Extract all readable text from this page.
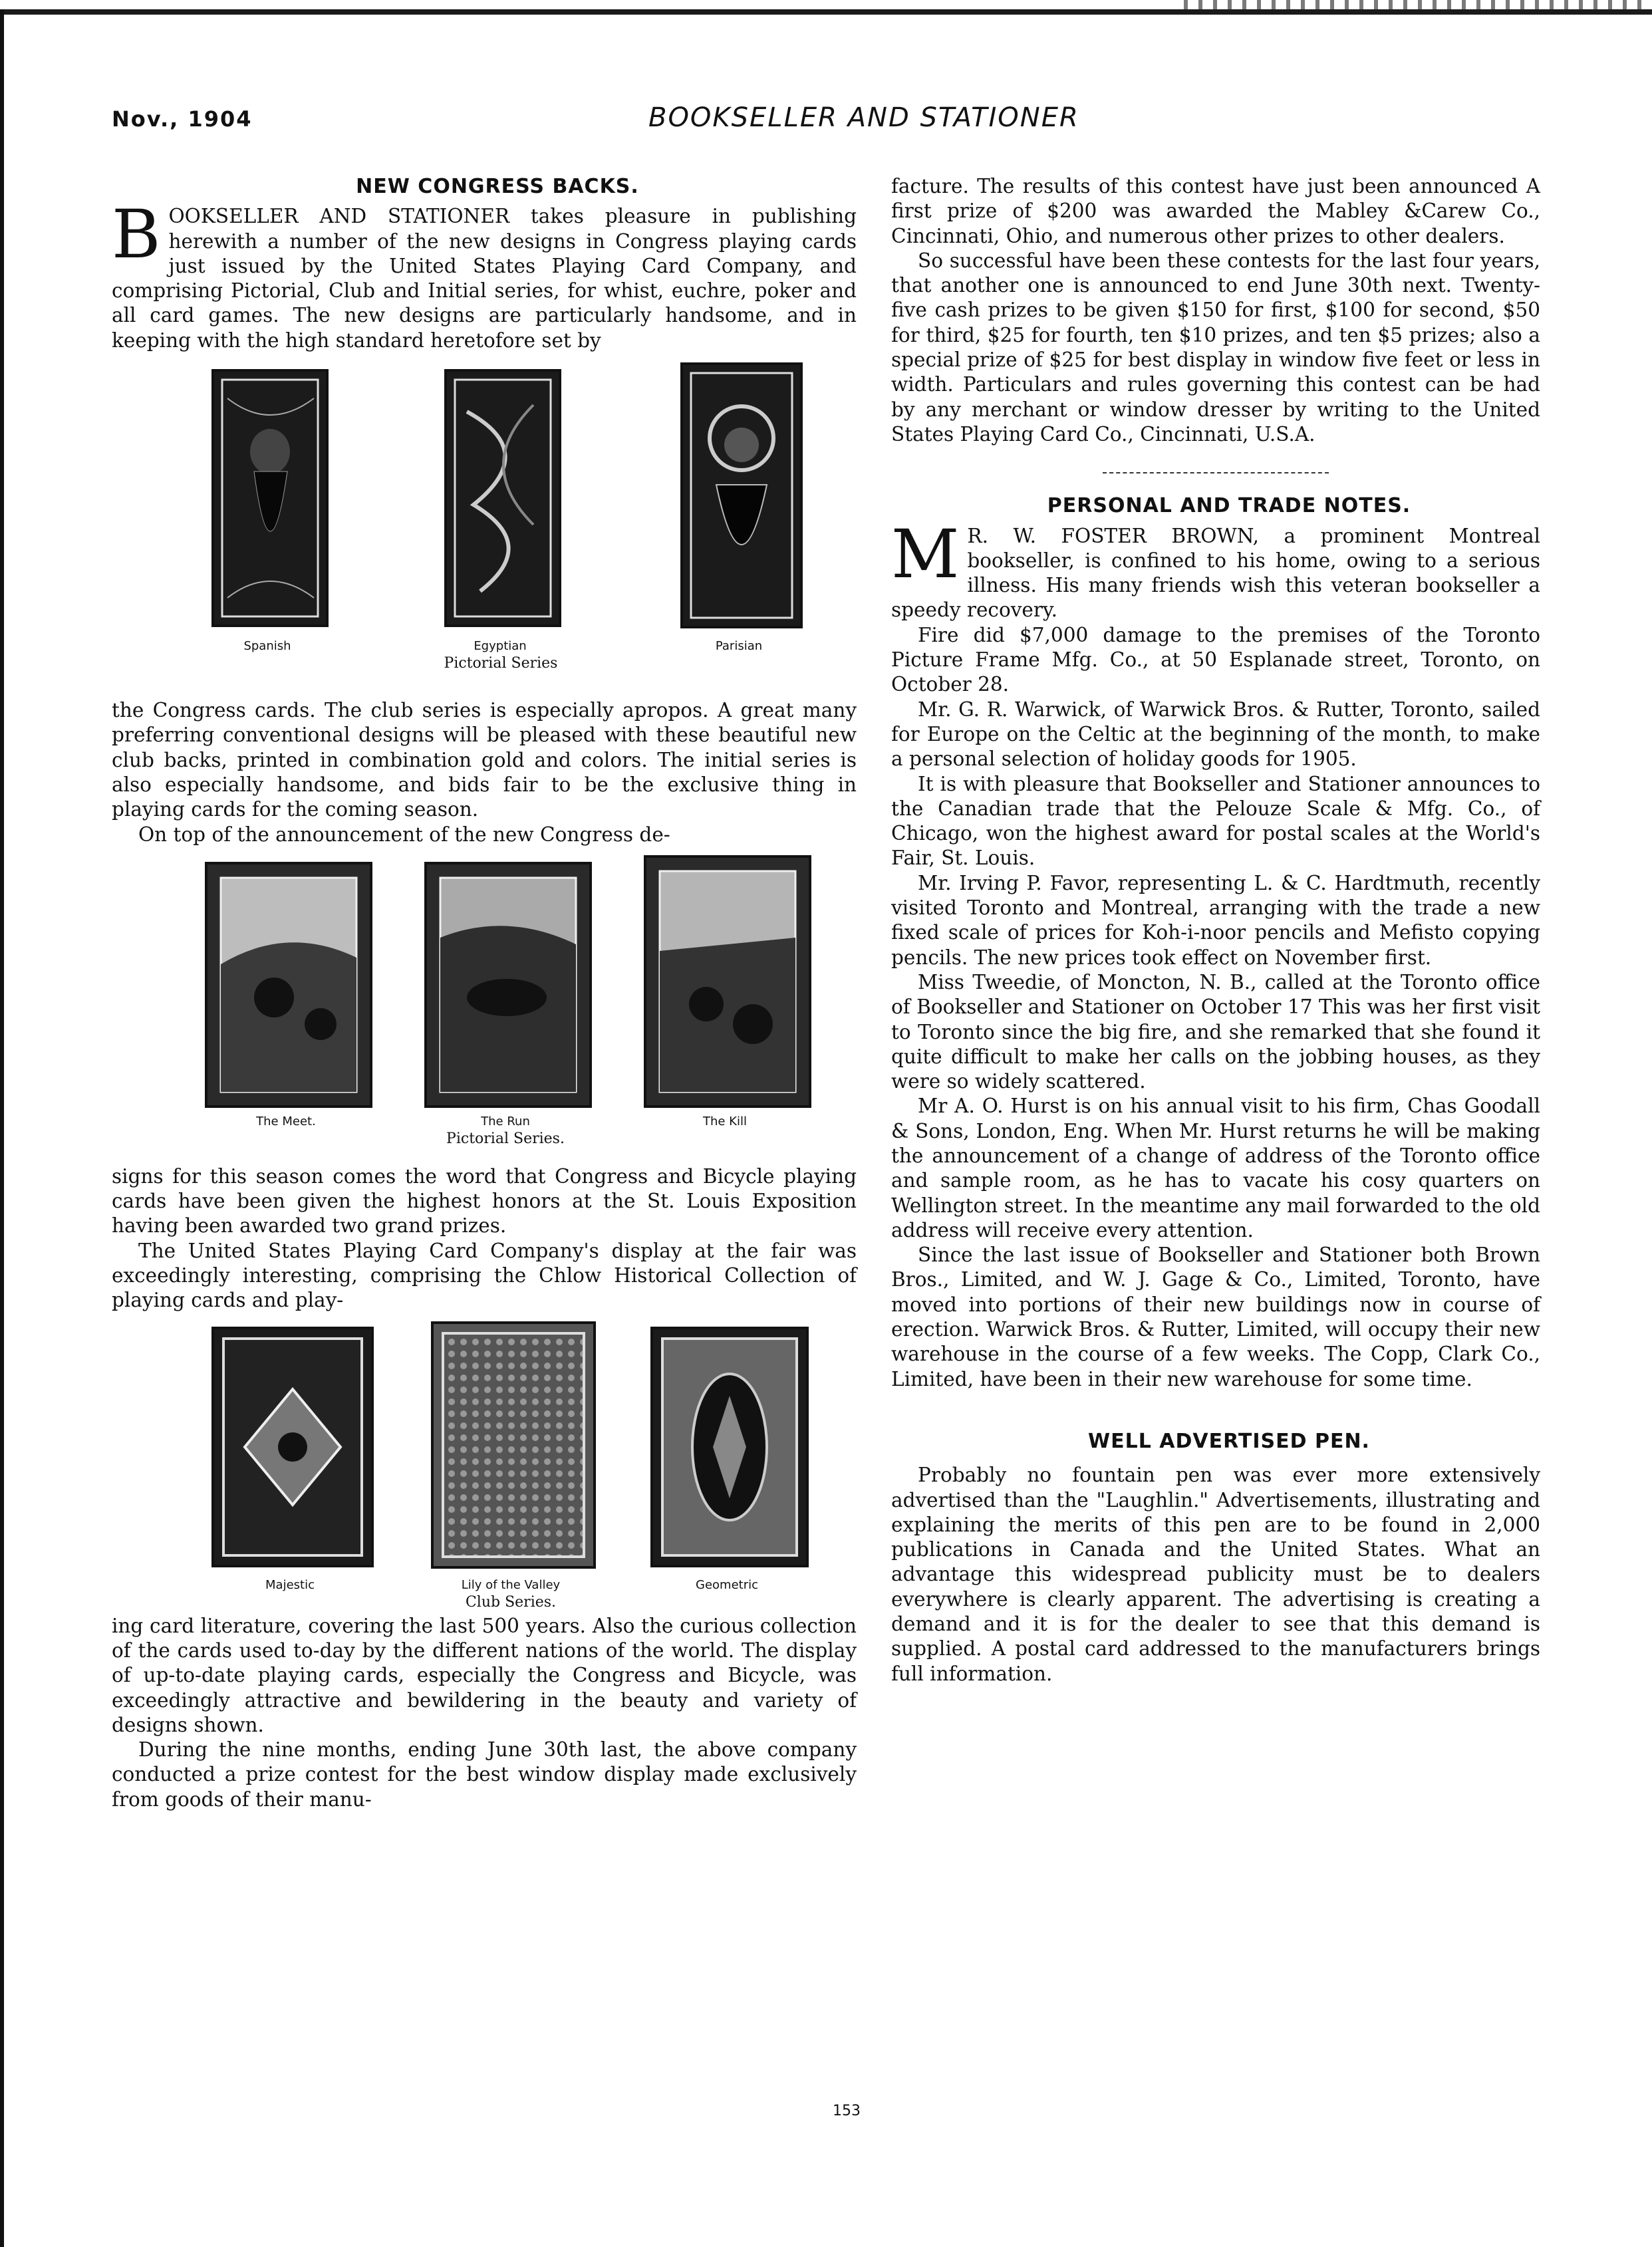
Nov., 1904	BOOKSELLER AND STATIONER

NEW CONGRESS BACKS.

BOOKSELLER AND STATIONER takes pleasure in publishing herewith a number of the new designs in Congress playing cards just issued by the United States Playing Card Company, and comprising Pictorial, Club and Initial series, for whist, euchre, poker and all card games. The new designs are particularly handsome, and in keeping with the high standard heretofore set by

Spanish	Egyptian	Parisian
Pictorial Series

the Congress cards. The club series is especially apropos. A great many preferring conventional designs will be pleased with these beautiful new club backs, printed in combination gold and colors. The initial series is also especially handsome, and bids fair to be the exclusive thing in playing cards for the coming season.

On top of the announcement of the new Congress de-

The Meet.	The Run	The Kill
Pictorial Series.

signs for this season comes the word that Congress and Bicycle playing cards have been given the highest honors at the St. Louis Exposition having been awarded two grand prizes.

The United States Playing Card Company's display at the fair was exceedingly interesting, comprising the Chlow Historical Collection of playing cards and play-

Majestic	Lily of the Valley	Geometric
Club Series.

ing card literature, covering the last 500 years. Also the curious collection of the cards used to-day by the different nations of the world. The display of up-to-date playing cards, especially the Congress and Bicycle, was exceedingly attractive and bewildering in the beauty and variety of designs shown.

During the nine months, ending June 30th last, the above company conducted a prize contest for the best window display made exclusively from goods of their manu-

facture. The results of this contest have just been announced A first prize of $200 was awarded the Mabley &Carew Co., Cincinnati, Ohio, and numerous other prizes to other dealers.

So successful have been these contests for the last four years, that another one is announced to end June 30th next. Twenty-five cash prizes to be given $150 for first, $100 for second, $50 for third, $25 for fourth, ten $10 prizes, and ten $5 prizes; also a special prize of $25 for best display in window five feet or less in width. Particulars and rules governing this contest can be had by any merchant or window dresser by writing to the United States Playing Card Co., Cincinnati, U.S.A.

PERSONAL AND TRADE NOTES.

M R. W. FOSTER BROWN, a prominent Montreal bookseller, is confined to his home, owing to a serious illness. His many friends wish this veteran bookseller a speedy recovery.

Fire did $7,000 damage to the premises of the Toronto Picture Frame Mfg. Co., at 50 Esplanade street, Toronto, on October 28.

Mr. G. R. Warwick, of Warwick Bros. & Rutter, Toronto, sailed for Europe on the Celtic at the beginning of the month, to make a personal selection of holiday goods for 1905.

It is with pleasure that Bookseller and Stationer announces to the Canadian trade that the Pelouze Scale & Mfg. Co., of Chicago, won the highest award for postal scales at the World's Fair, St. Louis.

Mr. Irving P. Favor, representing L. & C. Hardtmuth, recently visited Toronto and Montreal, arranging with the trade a new fixed scale of prices for Koh-i-noor pencils and Mefisto copying pencils. The new prices took effect on November first.

Miss Tweedie, of Moncton, N. B., called at the Toronto office of Bookseller and Stationer on October 17 This was her first visit to Toronto since the big fire, and she remarked that she found it quite difficult to make her calls on the jobbing houses, as they were so widely scattered.

Mr A. O. Hurst is on his annual visit to his firm, Chas Goodall & Sons, London, Eng. When Mr. Hurst returns he will be making the announcement of a change of address of the Toronto office and sample room, as he has to vacate his cosy quarters on Wellington street. In the meantime any mail forwarded to the old address will receive every attention.

Since the last issue of Bookseller and Stationer both Brown Bros., Limited, and W. J. Gage & Co., Limited, Toronto, have moved into portions of their new buildings now in course of erection. Warwick Bros. & Rutter, Limited, will occupy their new warehouse in the course of a few weeks. The Copp, Clark Co., Limited, have been in their new warehouse for some time.

WELL ADVERTISED PEN.

Probably no fountain pen was ever more extensively advertised than the "Laughlin." Advertisements, illustrating and explaining the merits of this pen are to be found in 2,000 publications in Canada and the United States. What an advantage this widespread publicity must be to dealers everywhere is clearly apparent. The advertising is creating a demand and it is for the dealer to see that this demand is supplied. A postal card addressed to the manufacturers brings full information.

153
